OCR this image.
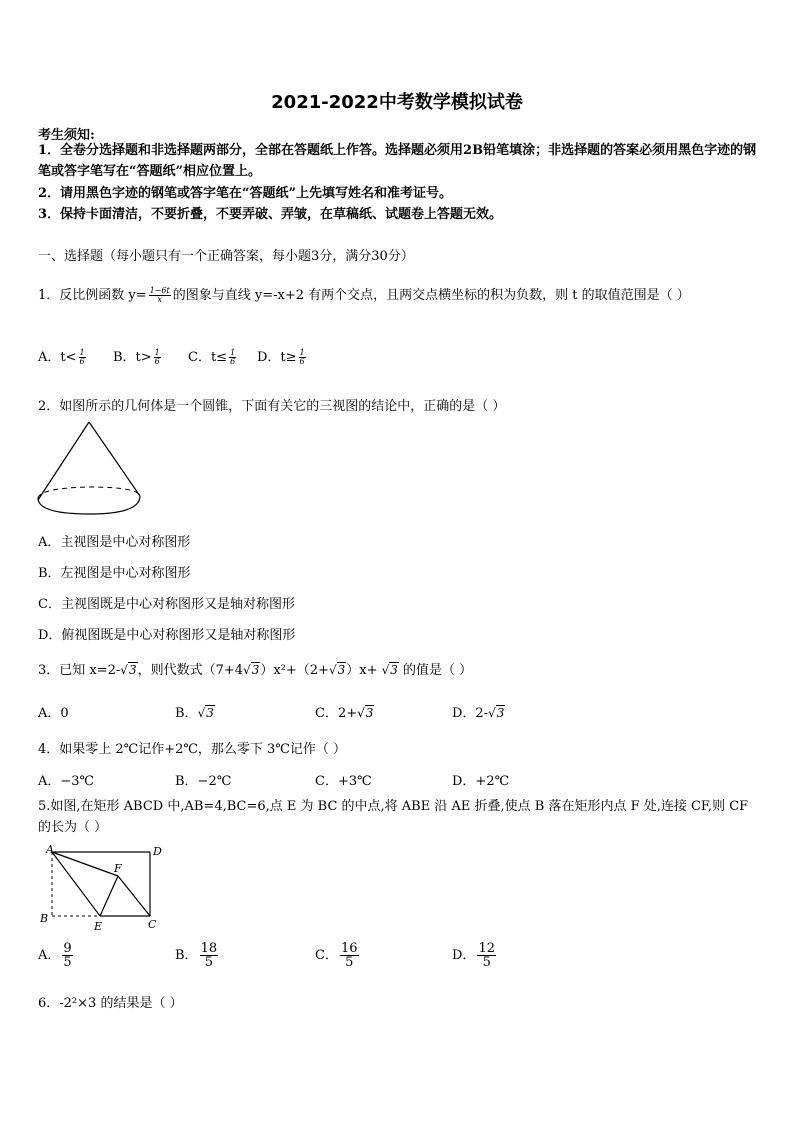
2021-2022中考数学模拟试卷
考生须知:
1．全卷分选择题和非选择题两部分，全部在答题纸上作答。选择题必须用2B铅笔填涂；非选择题的答案必须用黑色字迹的钢笔或答字笔写在“答题纸”相应位置上。
2．请用黑色字迹的钢笔或答字笔在“答题纸”上先填写姓名和准考证号。
3．保持卡面清洁，不要折叠，不要弄破、弄皱，在草稿纸、试题卷上答题无效。
一、选择题（每小题只有一个正确答案，每小题3分，满分30分）
1．反比例函数 $y= \frac{1-6t}{x}$ 的图象与直线 y=-x+2 有两个交点，且两交点横坐标的积为负数，则 t 的取值范围是（ ）
A．$t< \frac{1}{6}$ B．$t> \frac{1}{6}$ C．$t\le \frac{1}{6}$ D．$t\ge \frac{1}{6}$
2．如图所示的几何体是一个圆锥，下面有关它的三视图的结论中，正确的是（ ）
A．主视图是中心对称图形
B．左视图是中心对称图形
C．主视图既是中心对称图形又是轴对称图形
D．俯视图既是中心对称图形又是轴对称图形
3．已知 x=2-√3，则代数式（7+4√3）x²+（2+√3）x+ √3 的值是（ ）
A．0	B．√3	C．2+√3	D．2-√3
4．如果零上 2℃记作+2℃，那么零下 3℃记作（ ）
A．−3℃	B．−2℃	C．+3℃	D．+2℃
5.如图,在矩形 ABCD 中,AB=4,BC=6,点 E 为 BC 的中点,将 ABE 沿 AE 折叠,使点 B 落在矩形内点 F 处,连接 CF,则 CF 的长为（ ）
A	D
B
E	C
F
A． $\frac{9}{5}$	B． $\frac{18}{5}$	C． $\frac{16}{5}$	D． $\frac{12}{5}$
6．-2²×3 的结果是（ ）
